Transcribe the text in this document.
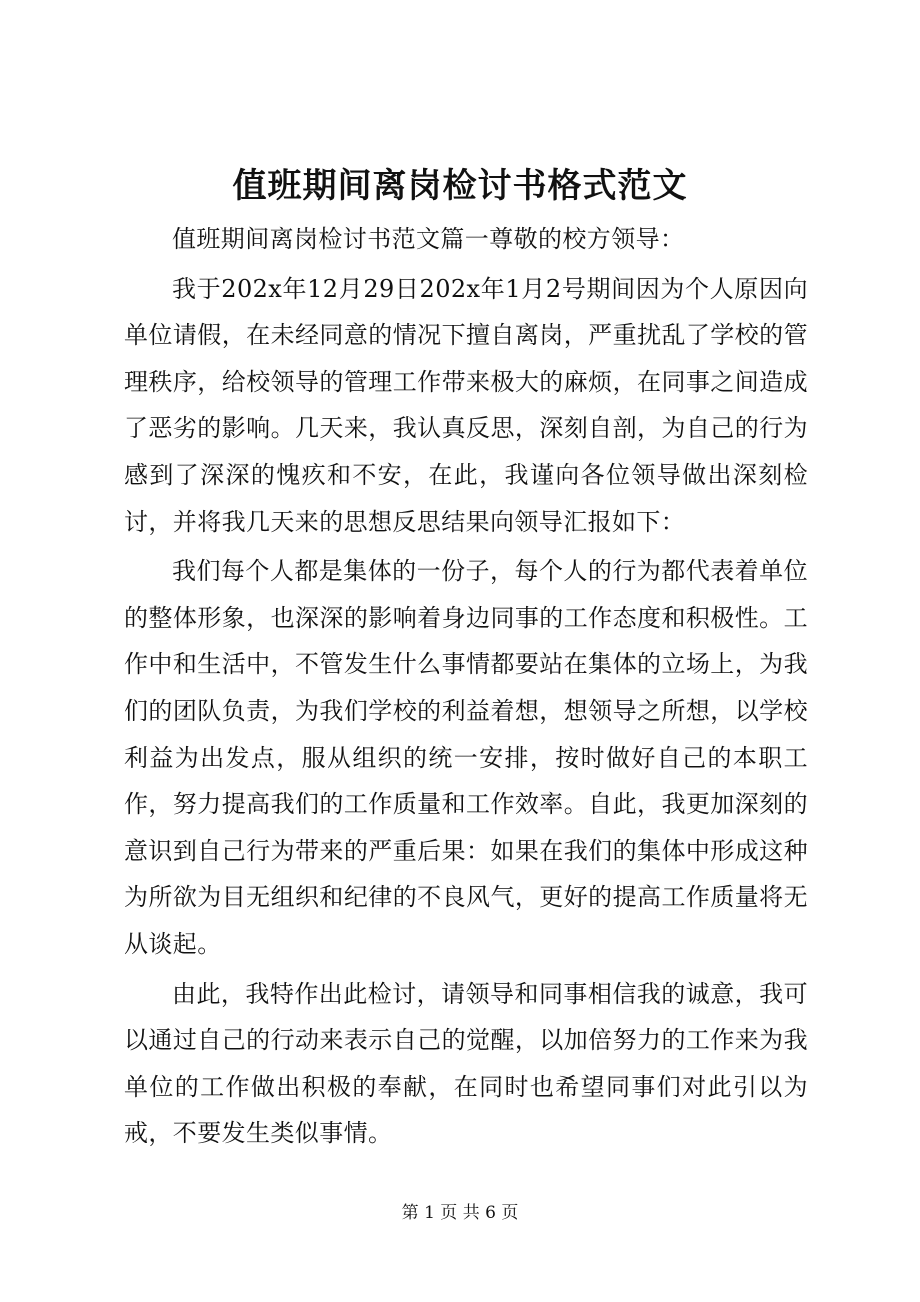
值班期间离岗检讨书格式范文

值班期间离岗检讨书范文篇一尊敬的校方领导：

我于202x年12月29日202x年1月2号期间因为个人原因向单位请假，在未经同意的情况下擅自离岗，严重扰乱了学校的管理秩序，给校领导的管理工作带来极大的麻烦，在同事之间造成了恶劣的影响。几天来，我认真反思，深刻自剖，为自己的行为感到了深深的愧疚和不安，在此，我谨向各位领导做出深刻检讨，并将我几天来的思想反思结果向领导汇报如下：

我们每个人都是集体的一份子，每个人的行为都代表着单位的整体形象，也深深的影响着身边同事的工作态度和积极性。工作中和生活中，不管发生什么事情都要站在集体的立场上，为我们的团队负责，为我们学校的利益着想，想领导之所想，以学校利益为出发点，服从组织的统一安排，按时做好自己的本职工作，努力提高我们的工作质量和工作效率。自此，我更加深刻的意识到自己行为带来的严重后果：如果在我们的集体中形成这种为所欲为目无组织和纪律的不良风气，更好的提高工作质量将无从谈起。

由此，我特作出此检讨，请领导和同事相信我的诚意，我可以通过自己的行动来表示自己的觉醒，以加倍努力的工作来为我单位的工作做出积极的奉献，在同时也希望同事们对此引以为戒，不要发生类似事情。

第 1 页 共 6 页
